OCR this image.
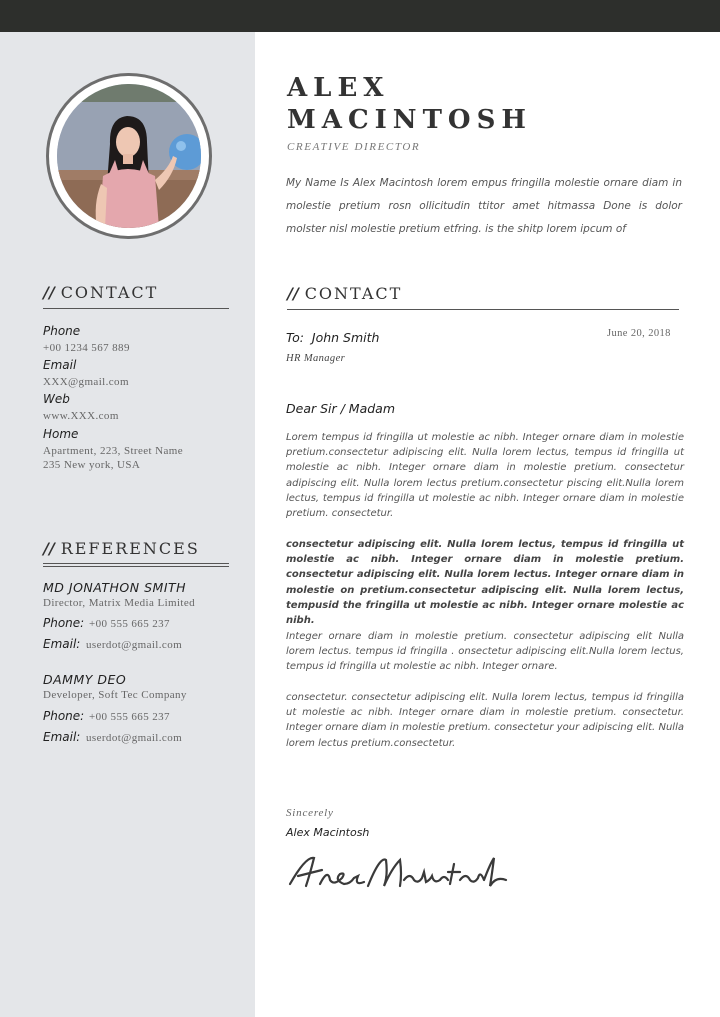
// CONTACT
Phone
+00 1234 567 889
Email
XXX@gmail.com
Web
www.XXX.com
Home
Apartment, 223, Street Name
235 New york, USA
// REFERENCES
MD JONATHON SMITH
Director, Matrix Media Limited
Phone: +00 555 665 237
Email: userdot@gmail.com
DAMMY DEO
Developer, Soft Tec Company
Phone: +00 555 665 237
Email: userdot@gmail.com
ALEX
MACINTOSH
CREATIVE DIRECTOR
My Name Is Alex Macintosh lorem empus fringilla molestie ornare diam in molestie pretium rosn ollicitudin ttitor amet hitmassa Done is dolor molster nisl molestie pretium etfring. is the shitp lorem ipcum of
// CONTACT
To: John Smith
HR Manager
June 20, 2018
Dear Sir / Madam
Lorem tempus id fringilla ut molestie ac nibh. Integer ornare diam in molestie pretium.consectetur adipiscing elit. Nulla lorem lectus, tempus id fringilla ut molestie ac nibh. Integer ornare diam in molestie pretium. consectetur adipiscing elit. Nulla lorem lectus pretium.consectetur piscing elit.Nulla lorem lectus, tempus id fringilla ut molestie ac nibh. Integer ornare diam in molestie pretium. consectetur.
consectetur adipiscing elit. Nulla lorem lectus, tempus id fringilla ut molestie ac nibh. Integer ornare diam in molestie pretium. consectetur adipiscing elit. Nulla lorem lectus. Integer ornare diam in molestie on pretium.consectetur adipiscing elit. Nulla lorem lectus, tempusid the fringilla ut molestie ac nibh. Integer ornare molestie ac nibh.
Integer ornare diam in molestie pretium. consectetur adipiscing elit Nulla lorem lectus. tempus id fringilla . onsectetur adipiscing elit.Nulla lorem lectus, tempus id fringilla ut molestie ac nibh. Integer ornare.
consectetur. consectetur adipiscing elit. Nulla lorem lectus, tempus id fringilla ut molestie ac nibh. Integer ornare diam in molestie pretium. consectetur. Integer ornare diam in molestie pretium. consectetur your adipiscing elit. Nulla lorem lectus pretium.consectetur.
Sincerely
Alex Macintosh
